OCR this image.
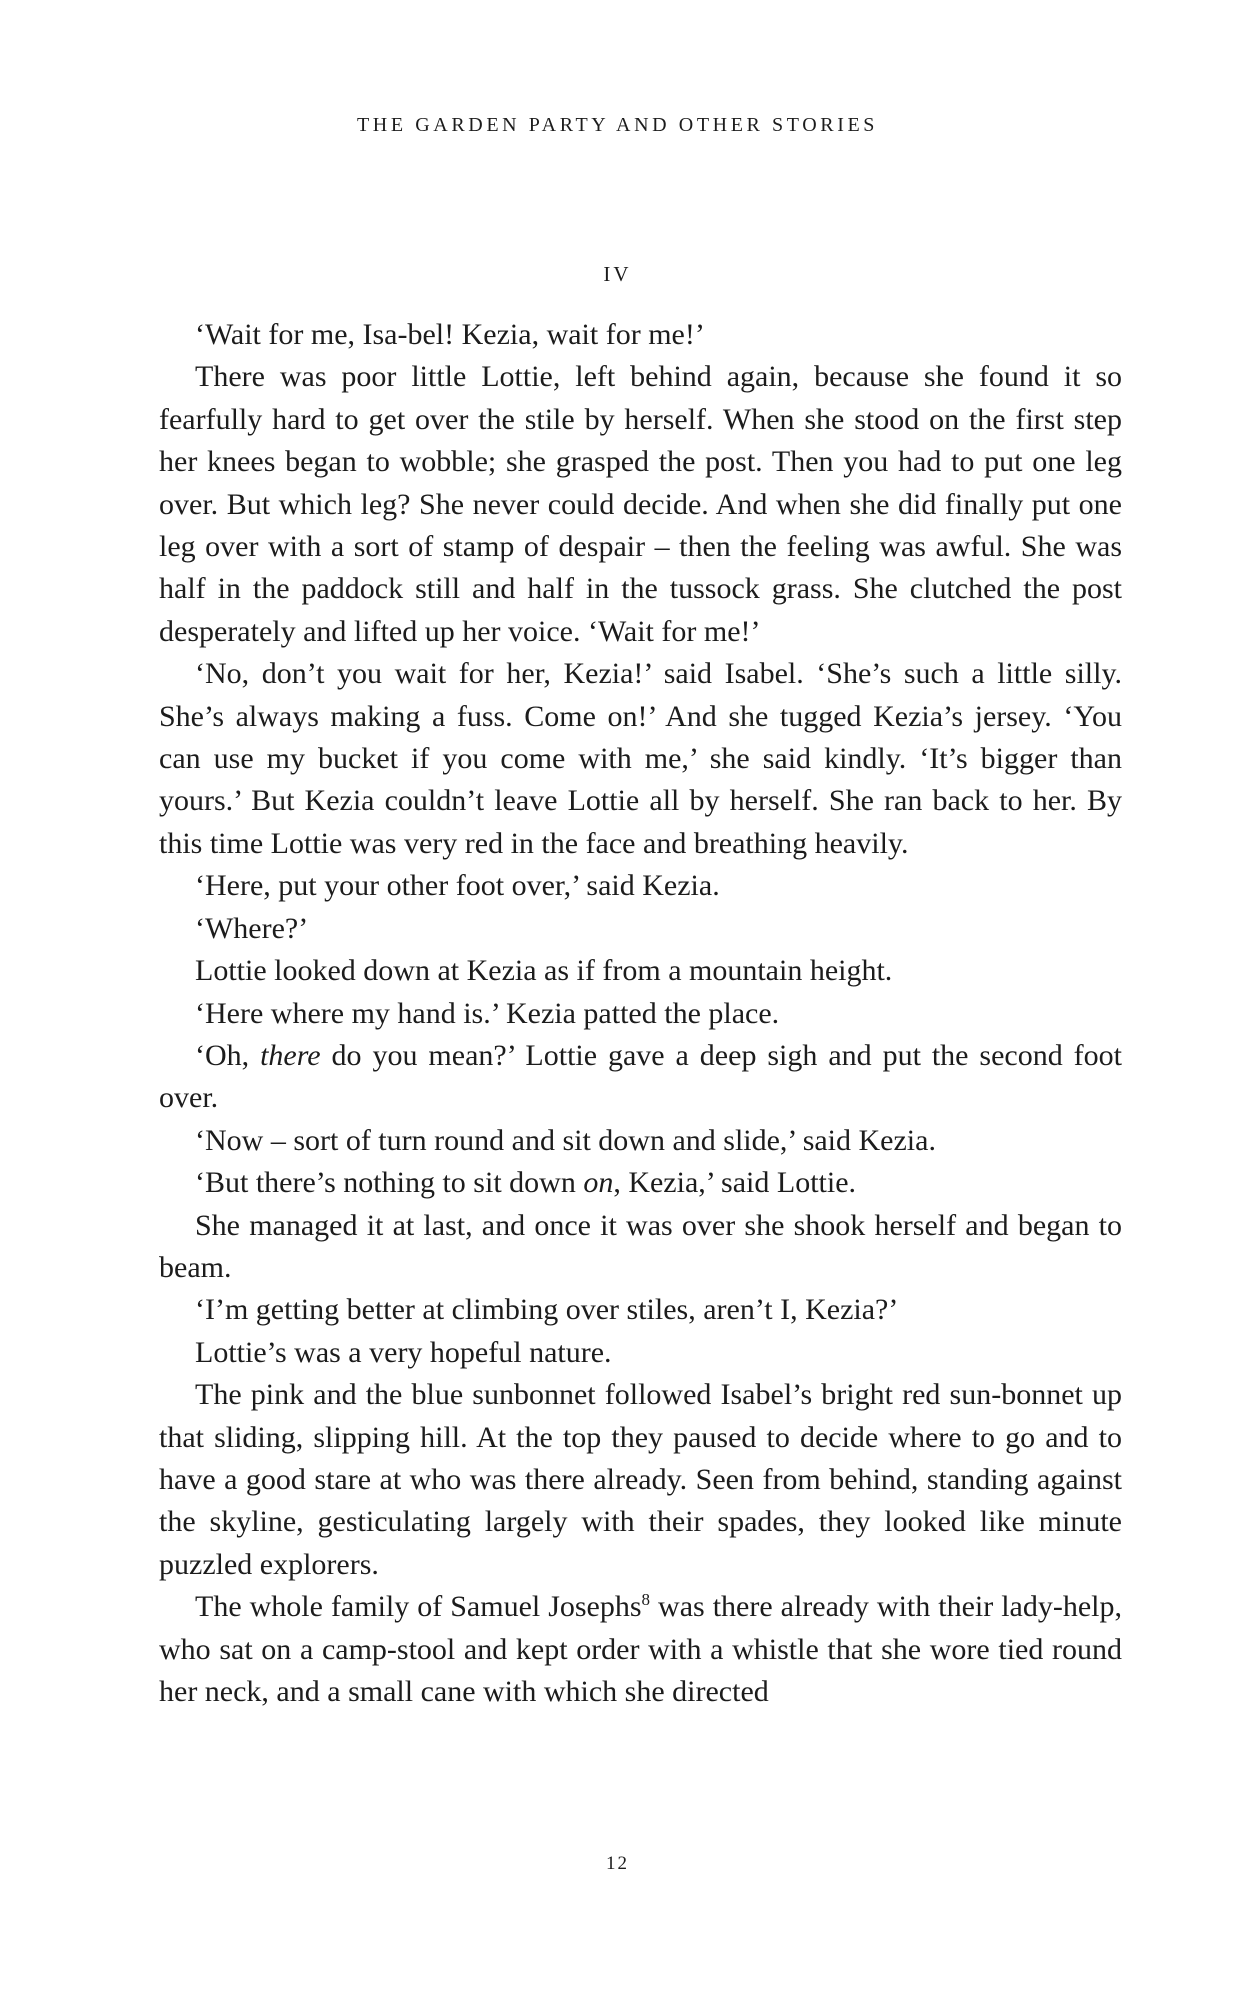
THE GARDEN PARTY AND OTHER STORIES
IV

‘Wait for me, Isa-bel! Kezia, wait for me!’

There was poor little Lottie, left behind again, because she found it so fearfully hard to get over the stile by herself. When she stood on the first step her knees began to wobble; she grasped the post. Then you had to put one leg over. But which leg? She never could decide. And when she did finally put one leg over with a sort of stamp of despair – then the feeling was awful. She was half in the paddock still and half in the tussock grass. She clutched the post desperately and lifted up her voice. ‘Wait for me!’

‘No, don’t you wait for her, Kezia!’ said Isabel. ‘She’s such a little silly. She’s always making a fuss. Come on!’ And she tugged Kezia’s jersey. ‘You can use my bucket if you come with me,’ she said kindly. ‘It’s bigger than yours.’ But Kezia couldn’t leave Lottie all by herself. She ran back to her. By this time Lottie was very red in the face and breathing heavily.

‘Here, put your other foot over,’ said Kezia.

‘Where?’

Lottie looked down at Kezia as if from a mountain height.

‘Here where my hand is.’ Kezia patted the place.

‘Oh, there do you mean?’ Lottie gave a deep sigh and put the second foot over.

‘Now – sort of turn round and sit down and slide,’ said Kezia.

‘But there’s nothing to sit down on, Kezia,’ said Lottie.

She managed it at last, and once it was over she shook herself and began to beam.

‘I’m getting better at climbing over stiles, aren’t I, Kezia?’

Lottie’s was a very hopeful nature.

The pink and the blue sunbonnet followed Isabel’s bright red sun-bonnet up that sliding, slipping hill. At the top they paused to decide where to go and to have a good stare at who was there already. Seen from behind, standing against the skyline, gesticulating largely with their spades, they looked like minute puzzled explorers.

The whole family of Samuel Josephs$^8$ was there already with their lady-help, who sat on a camp-stool and kept order with a whistle that she wore tied round her neck, and a small cane with which she directed

12
